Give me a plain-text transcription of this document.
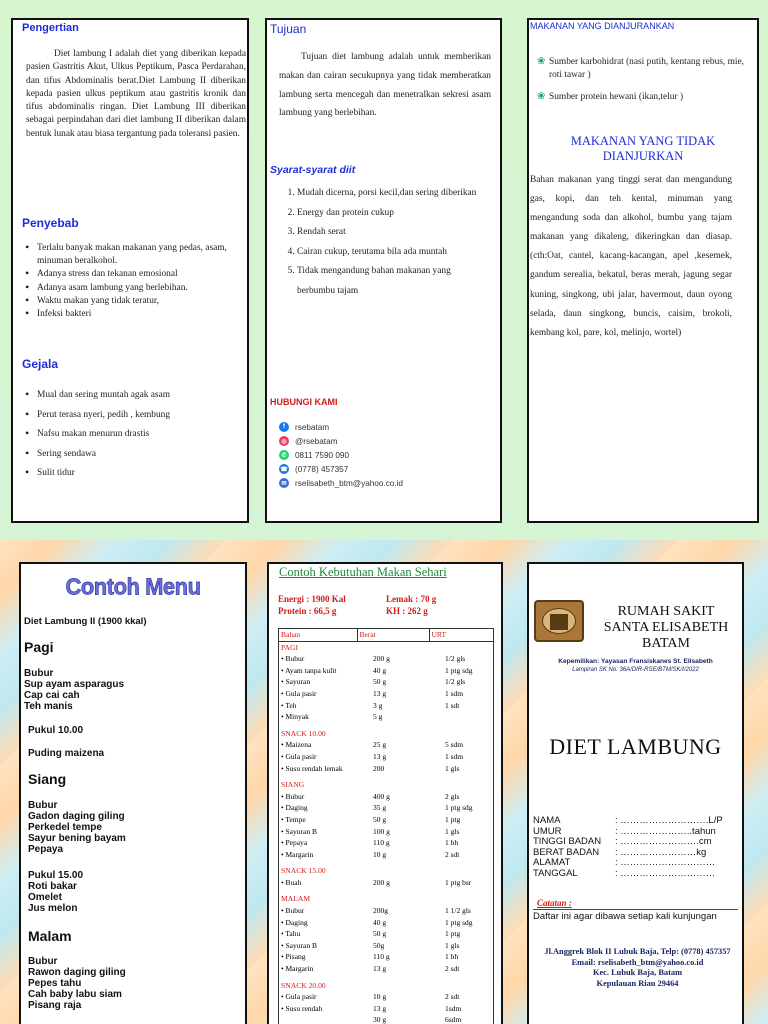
Pengertian
Diet lambung I adalah diet yang diberikan kepada pasien Gastritis Akut, Ulkus Peptikum, Pasca Perdarahan, dan tifus Abdominalis berat.Diet Lambung II diberikan kepada pasien ulkus peptikum atau gastritis kronik dan tifus abdominalis ringan. Diet Lambung III diberikan sebagai perpindahan dari diet lambung II diberikan dalam bentuk lunak atau biasa tergantung pada toleransi pasien.
Penyebab
• Terlalu banyak makan makanan yang pedas, asam, minuman beralkohol.
• Adanya stress dan tekanan emosional
• Adanya asam lambung yang berlebihan.
• Waktu makan yang tidak teratur,
• Infeksi bakteri
Gejala
• Mual dan sering muntah agak asam
• Perut terasa nyeri, pedih , kembung
• Nafsu makan menurun drastis
• Sering sendawa
• Sulit tidur
Tujuan
Tujuan diet lambung adalah untuk memberikan makan dan cairan secukupnya yang tidak memberatkan lambung serta mencegah dan menetralkan sekresi asam lambung yang berlebihan.
Syarat-syarat diit
1. Mudah dicerna, porsi kecil,dan sering diberikan
2. Energy dan protein cukup
3. Rendah serat
4. Cairan cukup, terutama bila ada muntah
5. Tidak mengandung bahan makanan yang berbumbu tajam
HUBUNGI KAMI
f	rsebatam
◎ @rsebatam
✆	0811 7590 090
☎ (0778) 457357
✉	rselisabeth_btm@yahoo.co.id
MAKANAN YANG DIANJURANKAN
❀ Sumber karbohidrat (nasi putih, kentang rebus, mie, roti tawar )
❀ Sumber protein hewani (ikan,telur )
MAKANAN YANG TIDAK DIANJURKAN
Bahan makanan yang tinggi serat dan mengandung gas, kopi, dan teh kental, minuman yang mengandung soda dan alkohol, bumbu yang tajam makanan yang dikaleng, dikeringkan dan diasap.(cth:Oat, cantel, kacang-kacangan, apel ,kesemek, gandum serealia, bekatul, beras merah, jagung segar kuning, singkong, ubi jalar, havermout, daun oyong selada, daun singkong, buncis, caisim, brokoli, kembang kol, pare, kol, melinjo, wortel)
Contoh Menu
Diet Lambung II (1900 kkal)
Pagi
Bubur
Sup ayam asparagus
Cap cai cah
Teh manis
Pukul 10.00
Puding maizena
Siang
Bubur
Gadon daging giling
Perkedel tempe
Sayur bening bayam
Pepaya
Pukul 15.00
Roti bakar
Omelet
Jus melon
Malam
Bubur
Rawon daging giling
Pepes tahu
Cah baby labu siam
Pisang raja
Contoh Kebutuhan Makan Sehari
Energi : 1900 Kal	Lemak : 70 g
Protein : 66,5 g	KH : 262 g
Bahan	Berat	URT
PAGI		
• Bubur	200 g	1/2 gls
• Ayam tanpa kulit	40 g	1 ptg sdg
• Sayuran	50 g	1/2 gls
• Gula pasir	13 g	1 sdm
• Teh	3 g	1 sdt
• Minyak	5 g	
SNACK 10.00		
• Maizena	25 g	5 sdm
• Gula pasir	13 g	1 sdm
• Susu rendah lemak	200	1 gls
SIANG		
• Bubur	400 g	2 gls
• Daging	35 g	1 ptg sdg
• Tempe	50 g	1 ptg
• Sayuran B	100 g	1 gls
• Pepaya	110 g	1 bh
• Margarin	10 g	2 sdt
SNACK 15.00		
• Buah	200 g	1 ptg bsr
MALAM		
• Bubur	200g	1 1/2 gls
• Daging	40 g	1 ptg sdg
• Tahu	50 g	1 ptg
• Sayuran B	50g	1 gls
• Pisang	110 g	1 bh
• Margarin	13 g	2 sdt
SNACK 20.00		
• Gula pasir	10 g	2 sdt
• Susu rendah	13 g	1sdm
	30 g	6sdm
RUMAH SAKIT
SANTA ELISABETH
BATAM
Kepemilikan: Yayasan Fransiskanes St. Elisabeth
Lampiran SK No: 36A/DIR-RSE/BTM/SK/I/2022
DIET LAMBUNG
NAMA	: ……………………….L/P
UMUR	: …………………..tahun
TINGGI BADAN	: …………………….cm
BERAT BADAN	: ……………………kg
ALAMAT	: …………………………
TANGGAL	: …………………………
Catatan :
Daftar ini agar dibawa setiap kali kunjungan
Jl.Anggrek Blok II Lubuk Baja, Telp: (0778) 457357
Email: rselisabeth_btm@yahoo.co.id
Kec. Lubuk Baja, Batam
Kepulauan Riau 29464
